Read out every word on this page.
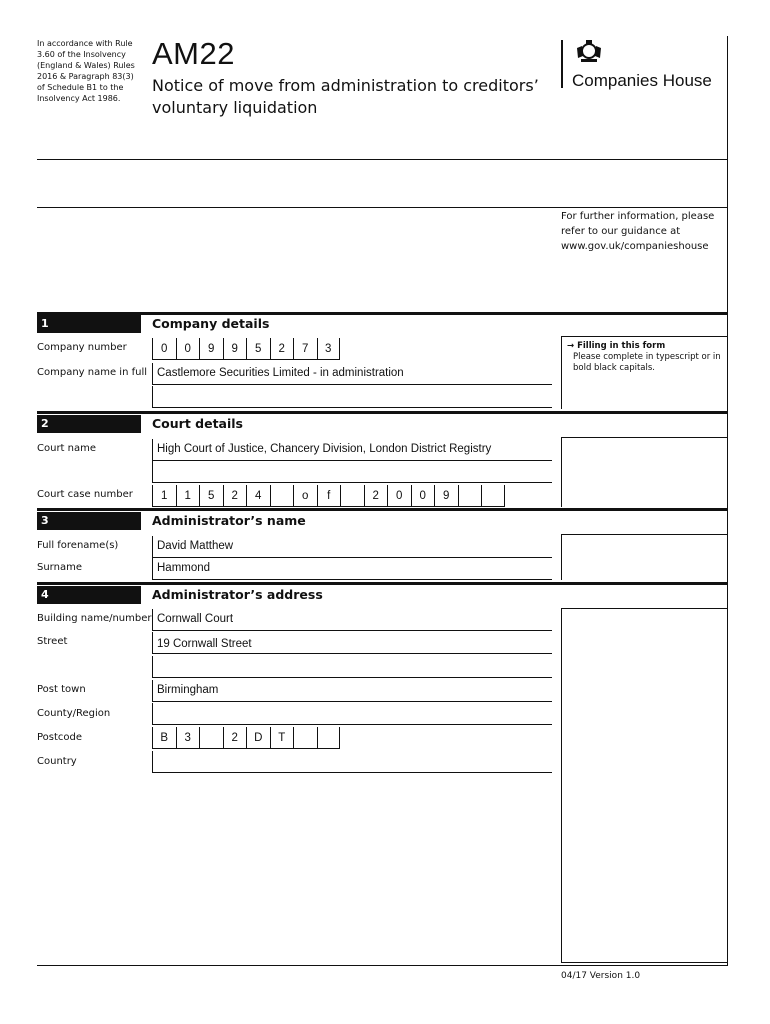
In accordance with Rule 3.60 of the Insolvency (England & Wales) Rules 2016 & Paragraph 83(3) of Schedule B1 to the Insolvency Act 1986.
AM22
Notice of move from administration to creditors’ voluntary liquidation
Companies House
For further information, please refer to our guidance at www.gov.uk/companieshouse
1	Company details
→ Filling in this form
Please complete in typescript or in bold black capitals.
Company number	0	0	9	9	5	2	7	3
Company name in full Castlemore Securities Limited - in administration
2	Court details
Court name	High Court of Justice, Chancery Division, London District Registry
Court case number	1	1	5	2	4	o	f	2	0	0	9
3	Administrator’s name
Full forename(s)	David Matthew
Surname	Hammond
4	Administrator’s address
Building name/number Cornwall Court
Street	19 Cornwall Street
Post town	Birmingham
County/Region
Postcode	B	3	2	D	T
Country
04/17 Version 1.0
